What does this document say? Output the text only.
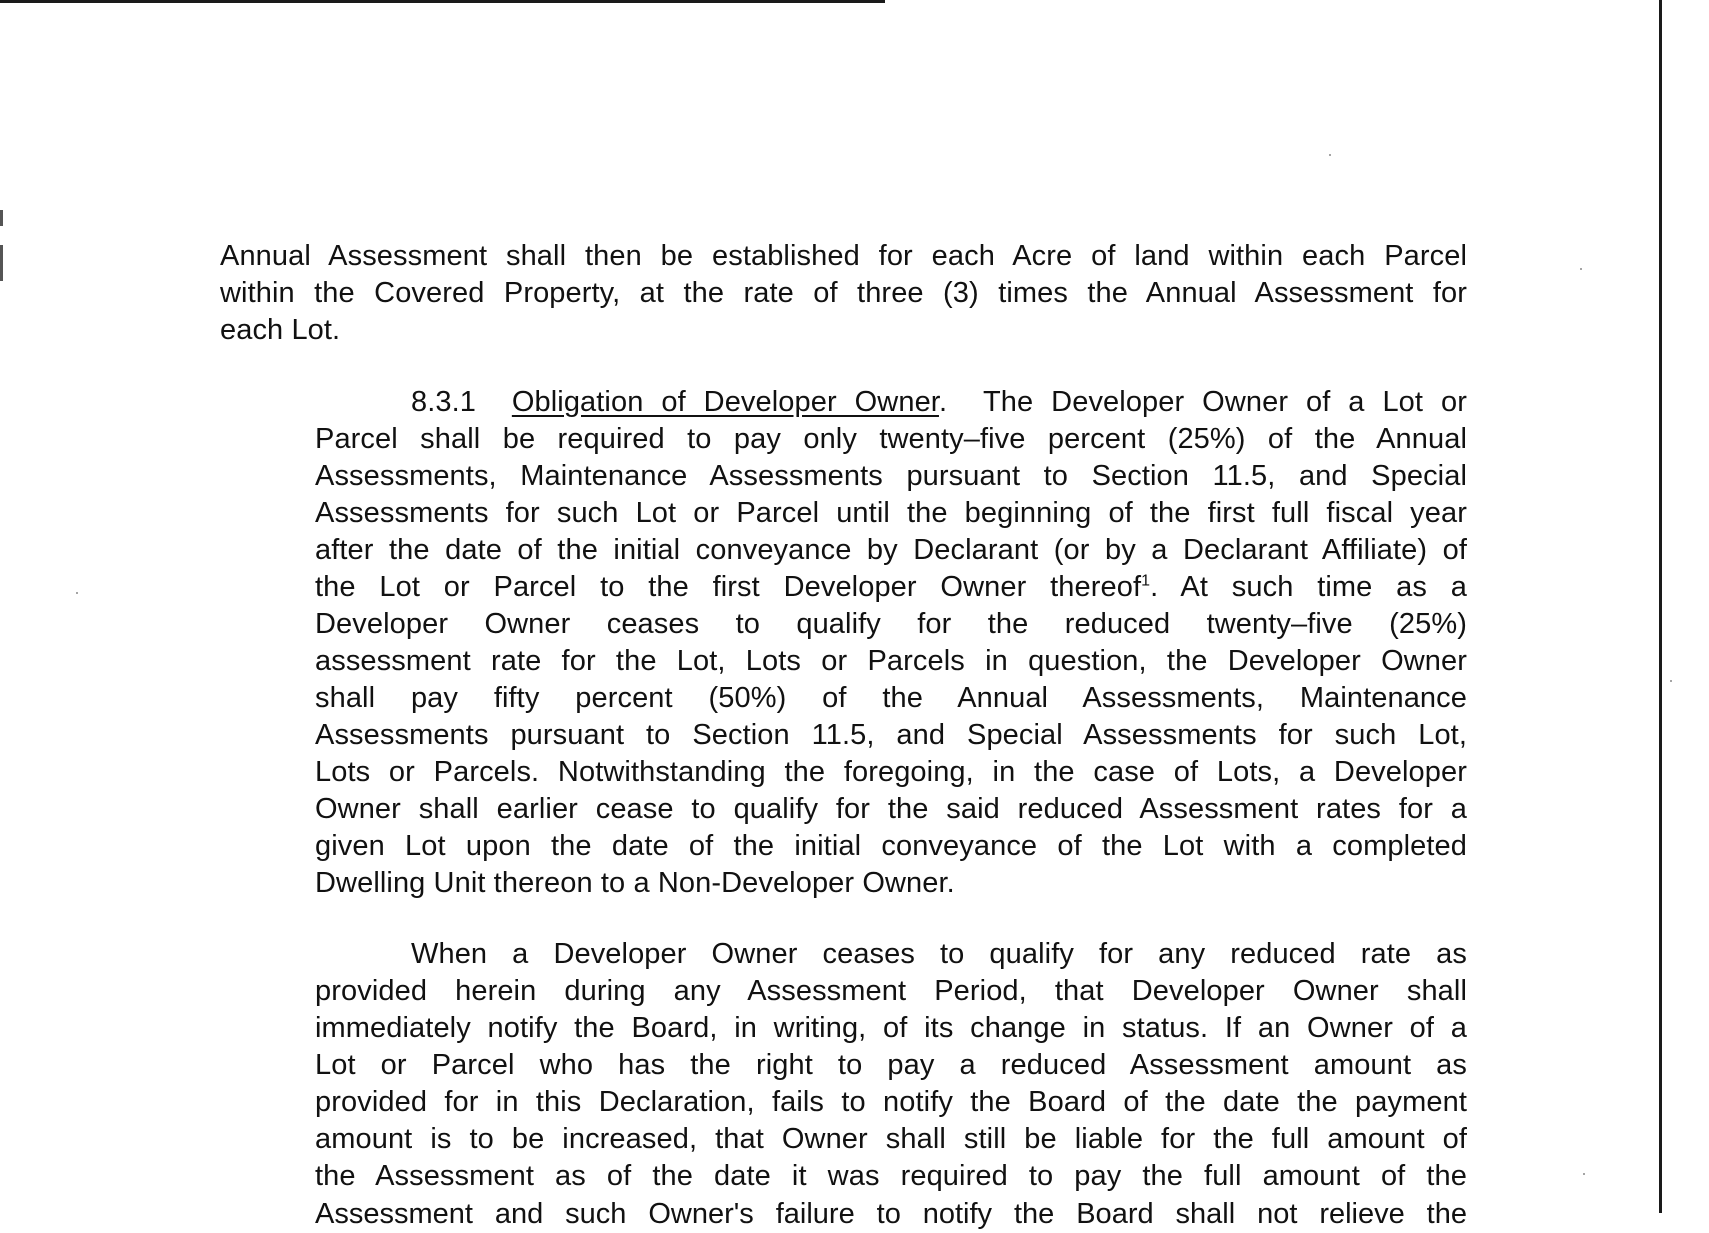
Annual Assessment shall then be established for each Acre of land within each Parcel
within the Covered Property, at the rate of three (3) times the Annual Assessment for
each Lot.
8.3.1 Obligation of Developer Owner. The Developer Owner of a Lot or
Parcel shall be required to pay only twenty–five percent (25%) of the Annual
Assessments, Maintenance Assessments pursuant to Section 11.5, and Special
Assessments for such Lot or Parcel until the beginning of the first full fiscal year
after the date of the initial conveyance by Declarant (or by a Declarant Affiliate) of
the Lot or Parcel to the first Developer Owner thereof$^1$. At such time as a
Developer Owner ceases to qualify for the reduced twenty–five (25%)
assessment rate for the Lot, Lots or Parcels in question, the Developer Owner
shall pay fifty percent (50%) of the Annual Assessments, Maintenance
Assessments pursuant to Section 11.5, and Special Assessments for such Lot,
Lots or Parcels. Notwithstanding the foregoing, in the case of Lots, a Developer
Owner shall earlier cease to qualify for the said reduced Assessment rates for a
given Lot upon the date of the initial conveyance of the Lot with a completed
Dwelling Unit thereon to a Non-Developer Owner.
When a Developer Owner ceases to qualify for any reduced rate as
provided herein during any Assessment Period, that Developer Owner shall
immediately notify the Board, in writing, of its change in status. If an Owner of a
Lot or Parcel who has the right to pay a reduced Assessment amount as
provided for in this Declaration, fails to notify the Board of the date the payment
amount is to be increased, that Owner shall still be liable for the full amount of
the Assessment as of the date it was required to pay the full amount of the
Assessment and such Owner's failure to notify the Board shall not relieve the
